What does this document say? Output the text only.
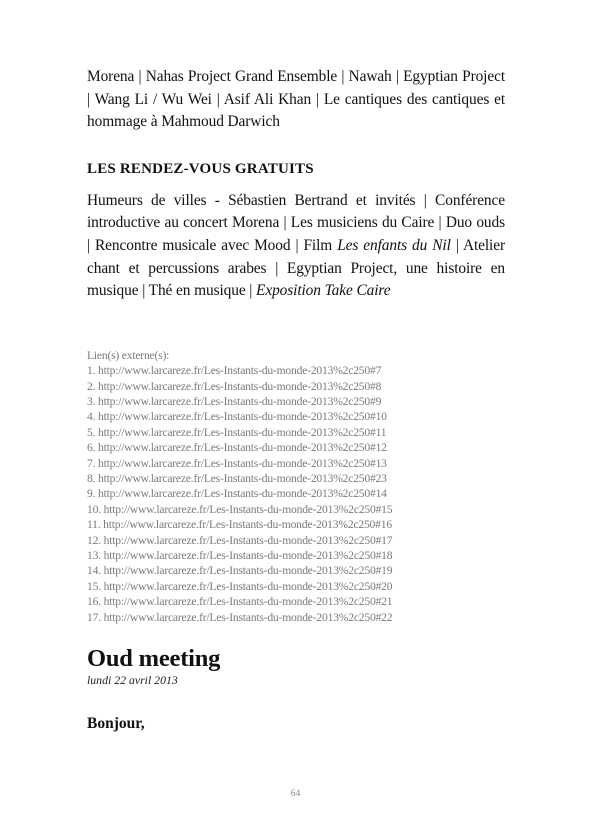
Morena | Nahas Project Grand Ensemble | Nawah | Egyptian Project | Wang Li / Wu Wei | Asif Ali Khan | Le cantiques des cantiques et hommage à Mahmoud Darwich

LES RENDEZ-VOUS GRATUITS

Humeurs de villes - Sébastien Bertrand et invités | Conférence introductive au concert Morena | Les musiciens du Caire | Duo ouds | Rencontre musicale avec Mood | Film Les enfants du Nil | Atelier chant et percussions arabes | Egyptian Project, une histoire en musique | Thé en musique | Exposition Take Caire

Lien(s) externe(s):
1. http://www.larcareze.fr/Les-Instants-du-monde-2013%2c250#7
2. http://www.larcareze.fr/Les-Instants-du-monde-2013%2c250#8
3. http://www.larcareze.fr/Les-Instants-du-monde-2013%2c250#9
4. http://www.larcareze.fr/Les-Instants-du-monde-2013%2c250#10
5. http://www.larcareze.fr/Les-Instants-du-monde-2013%2c250#11
6. http://www.larcareze.fr/Les-Instants-du-monde-2013%2c250#12
7. http://www.larcareze.fr/Les-Instants-du-monde-2013%2c250#13
8. http://www.larcareze.fr/Les-Instants-du-monde-2013%2c250#23
9. http://www.larcareze.fr/Les-Instants-du-monde-2013%2c250#14
10. http://www.larcareze.fr/Les-Instants-du-monde-2013%2c250#15
11. http://www.larcareze.fr/Les-Instants-du-monde-2013%2c250#16
12. http://www.larcareze.fr/Les-Instants-du-monde-2013%2c250#17
13. http://www.larcareze.fr/Les-Instants-du-monde-2013%2c250#18
14. http://www.larcareze.fr/Les-Instants-du-monde-2013%2c250#19
15. http://www.larcareze.fr/Les-Instants-du-monde-2013%2c250#20
16. http://www.larcareze.fr/Les-Instants-du-monde-2013%2c250#21
17. http://www.larcareze.fr/Les-Instants-du-monde-2013%2c250#22
Oud meeting
lundi 22 avril 2013
Bonjour,
64
